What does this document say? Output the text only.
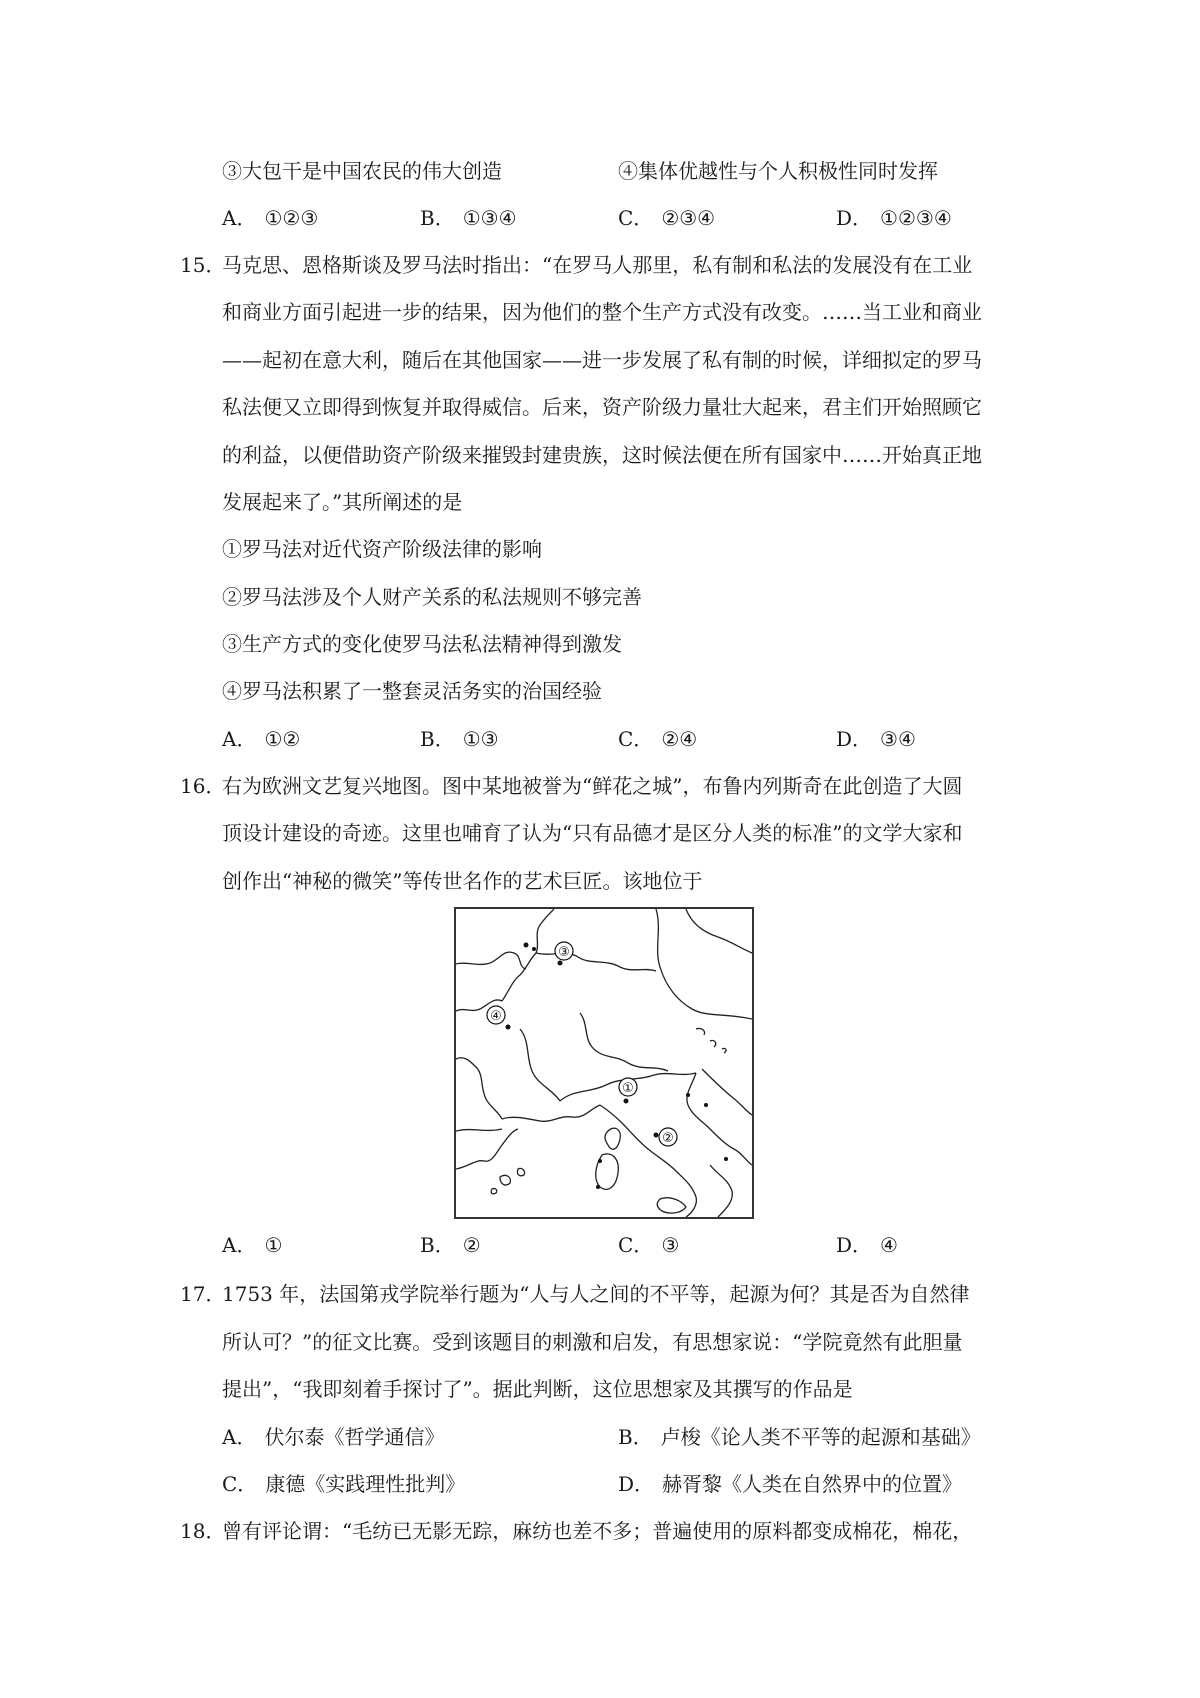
③大包干是中国农民的伟大创造	④集体优越性与个人积极性同时发挥
A． ①②③	B． ①③④	C． ②③④	D． ①②③④
15．
马克思、恩格斯谈及罗马法时指出：“在罗马人那里，私有制和私法的发展没有在工业
和商业方面引起进一步的结果，因为他们的整个生产方式没有改变。……当工业和商业
——起初在意大利，随后在其他国家——进一步发展了私有制的时候，详细拟定的罗马
私法便又立即得到恢复并取得威信。后来，资产阶级力量壮大起来，君主们开始照顾它
的利益，以便借助资产阶级来摧毁封建贵族，这时候法便在所有国家中……开始真正地
发展起来了。”其所阐述的是
①罗马法对近代资产阶级法律的影响
②罗马法涉及个人财产关系的私法规则不够完善
③生产方式的变化使罗马法私法精神得到激发
④罗马法积累了一整套灵活务实的治国经验
A． ①②	B． ①③	C． ②④	D． ③④
16．
右为欧洲文艺复兴地图。图中某地被誉为“鲜花之城”，布鲁内列斯奇在此创造了大圆
顶设计建设的奇迹。这里也哺育了认为“只有品德才是区分人类的标准”的文学大家和
创作出“神秘的微笑”等传世名作的艺术巨匠。该地位于
③
④
①
②
A． ①	B． ②	C． ③	D． ④
17．
1753 年，法国第戎学院举行题为“人与人之间的不平等，起源为何？其是否为自然律
所认可？”的征文比赛。受到该题目的刺激和启发，有思想家说：“学院竟然有此胆量
提出”，“我即刻着手探讨了”。据此判断，这位思想家及其撰写的作品是
A． 伏尔泰《哲学通信》	B． 卢梭《论人类不平等的起源和基础》
C． 康德《实践理性批判》	D． 赫胥黎《人类在自然界中的位置》
18．
曾有评论谓：“毛纺已无影无踪，麻纺也差不多；普遍使用的原料都变成棉花，棉花，
